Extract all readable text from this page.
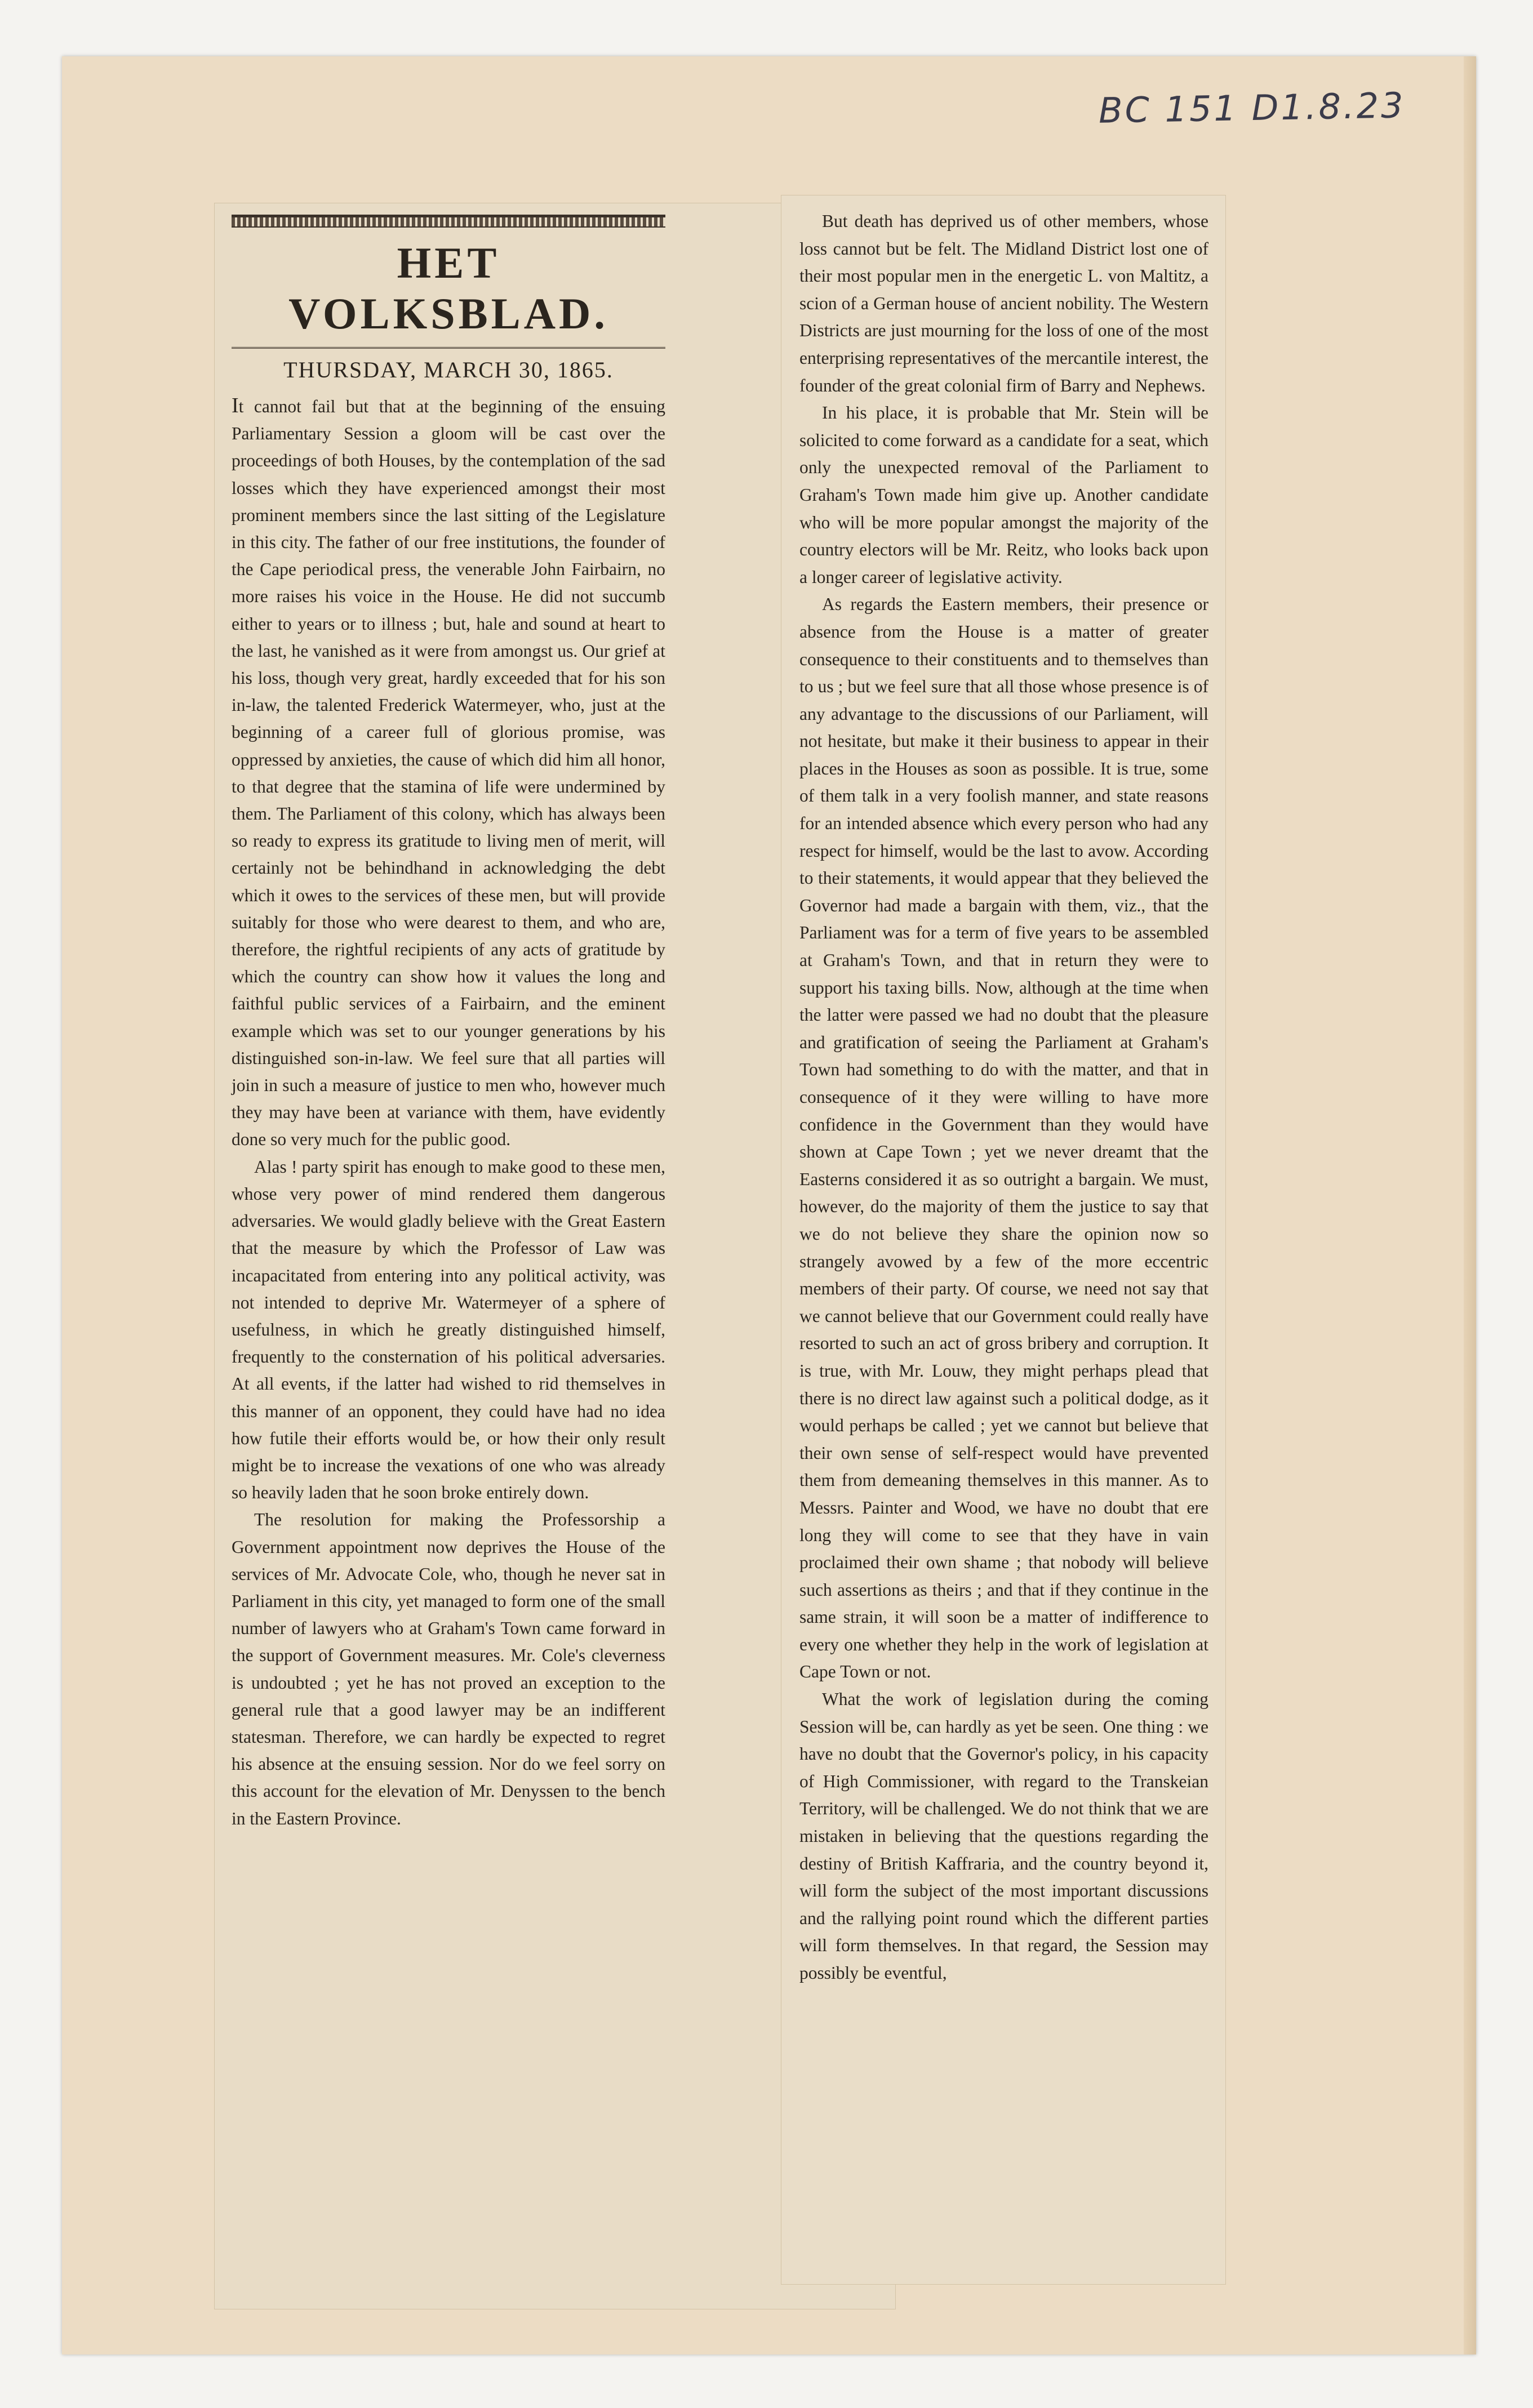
BC 151 D1.8.23
HET VOLKSBLAD.
THURSDAY, MARCH 30, 1865.

It cannot fail but that at the beginning of the ensuing Parliamentary Session a gloom will be cast over the proceedings of both Houses, by the contemplation of the sad losses which they have experienced amongst their most prominent members since the last sitting of the Legislature in this city. The father of our free institutions, the founder of the Cape periodical press, the venerable John Fairbairn, no more raises his voice in the House. He did not succumb either to years or to illness ; but, hale and sound at heart to the last, he vanished as it were from amongst us. Our grief at his loss, though very great, hardly exceeded that for his son in-law, the talented Frederick Watermeyer, who, just at the beginning of a career full of glorious promise, was oppressed by anxieties, the cause of which did him all honor, to that degree that the stamina of life were undermined by them. The Parliament of this colony, which has always been so ready to express its gratitude to living men of merit, will certainly not be behindhand in acknowledging the debt which it owes to the services of these men, but will provide suitably for those who were dearest to them, and who are, therefore, the rightful recipients of any acts of gratitude by which the country can show how it values the long and faithful public services of a Fairbairn, and the eminent example which was set to our younger generations by his distinguished son-in-law. We feel sure that all parties will join in such a measure of justice to men who, however much they may have been at variance with them, have evidently done so very much for the public good.

Alas ! party spirit has enough to make good to these men, whose very power of mind rendered them dangerous adversaries. We would gladly believe with the Great Eastern that the measure by which the Professor of Law was incapacitated from entering into any political activity, was not intended to deprive Mr. Watermeyer of a sphere of usefulness, in which he greatly distinguished himself, frequently to the consternation of his political adversaries. At all events, if the latter had wished to rid themselves in this manner of an opponent, they could have had no idea how futile their efforts would be, or how their only result might be to increase the vexations of one who was already so heavily laden that he soon broke entirely down.

The resolution for making the Professorship a Government appointment now deprives the House of the services of Mr. Advocate Cole, who, though he never sat in Parliament in this city, yet managed to form one of the small number of lawyers who at Graham's Town came forward in the support of Government measures. Mr. Cole's cleverness is undoubted ; yet he has not proved an exception to the general rule that a good lawyer may be an indifferent statesman. Therefore, we can hardly be expected to regret his absence at the ensuing session. Nor do we feel sorry on this account for the elevation of Mr. Denyssen to the bench in the Eastern Province.

But death has deprived us of other members, whose loss cannot but be felt. The Midland District lost one of their most popular men in the energetic L. von Maltitz, a scion of a German house of ancient nobility. The Western Districts are just mourning for the loss of one of the most enterprising representatives of the mercantile interest, the founder of the great colonial firm of Barry and Nephews.

In his place, it is probable that Mr. Stein will be solicited to come forward as a candidate for a seat, which only the unexpected removal of the Parliament to Graham's Town made him give up. Another candidate who will be more popular amongst the majority of the country electors will be Mr. Reitz, who looks back upon a longer career of legislative activity.

As regards the Eastern members, their presence or absence from the House is a matter of greater consequence to their constituents and to themselves than to us ; but we feel sure that all those whose presence is of any advantage to the discussions of our Parliament, will not hesitate, but make it their business to appear in their places in the Houses as soon as possible. It is true, some of them talk in a very foolish manner, and state reasons for an intended absence which every person who had any respect for himself, would be the last to avow. According to their statements, it would appear that they believed the Governor had made a bargain with them, viz., that the Parliament was for a term of five years to be assembled at Graham's Town, and that in return they were to support his taxing bills. Now, although at the time when the latter were passed we had no doubt that the pleasure and gratification of seeing the Parliament at Graham's Town had something to do with the matter, and that in consequence of it they were willing to have more confidence in the Government than they would have shown at Cape Town ; yet we never dreamt that the Easterns considered it as so outright a bargain. We must, however, do the majority of them the justice to say that we do not believe they share the opinion now so strangely avowed by a few of the more eccentric members of their party. Of course, we need not say that we cannot believe that our Government could really have resorted to such an act of gross bribery and corruption. It is true, with Mr. Louw, they might perhaps plead that there is no direct law against such a political dodge, as it would perhaps be called ; yet we cannot but believe that their own sense of self-respect would have prevented them from demeaning themselves in this manner. As to Messrs. Painter and Wood, we have no doubt that ere long they will come to see that they have in vain proclaimed their own shame ; that nobody will believe such assertions as theirs ; and that if they continue in the same strain, it will soon be a matter of indifference to every one whether they help in the work of legislation at Cape Town or not.

What the work of legislation during the coming Session will be, can hardly as yet be seen. One thing : we have no doubt that the Governor's policy, in his capacity of High Commissioner, with regard to the Transkeian Territory, will be challenged. We do not think that we are mistaken in believing that the questions regarding the destiny of British Kaffraria, and the country beyond it, will form the subject of the most important discussions and the rallying point round which the different parties will form themselves. In that regard, the Session may possibly be eventful,
